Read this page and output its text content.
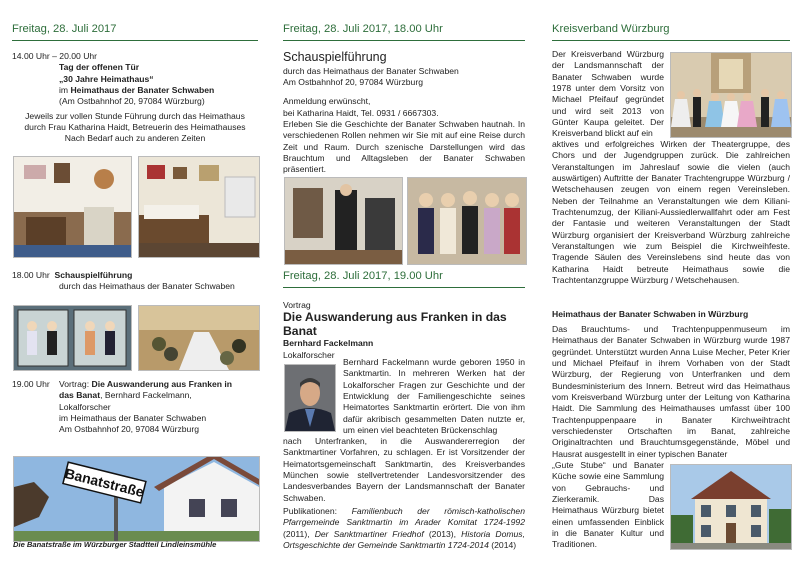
Freitag, 28. Juli 2017
14.00 Uhr – 20.00 Uhr
Tag der offenen Tür
„30 Jahre Heimathaus“
im Heimathaus der Banater Schwaben
(Am Ostbahnhof 20, 97084 Würzburg)
Jeweils zur vollen Stunde Führung durch das Heimathaus
durch Frau Katharina Haidt, Betreuerin des Heimathauses
Nach Bedarf auch zu anderen Zeiten
18.00 Uhr Schauspielführung
durch das Heimathaus der Banater Schwaben
19.00 Uhr	Vortrag: Die Auswanderung aus Franken in
das Banat, Bernhard Fackelmann,
Lokalforscher
im Heimathaus der Banater Schwaben
Am Ostbahnhof 20, 97084 Würzburg
Banatstraße
Die Banatstraße im Würzburger Stadtteil Lindleinsmühle
Freitag, 28. Juli 2017, 18.00 Uhr
Schauspielführung
durch das Heimathaus der Banater Schwaben
Am Ostbahnhof 20, 97084 Würzburg
Anmeldung erwünscht,
bei Katharina Haidt, Tel. 0931 / 6667303.
Erleben Sie die Geschichte der Banater Schwaben hautnah. In verschiedenen Rollen nehmen wir Sie mit auf eine Reise durch Zeit und Raum. Durch szenische Darstellungen wird das Brauchtum und Alltagsleben der Banater Schwaben präsentiert.
Freitag, 28. Juli 2017, 19.00 Uhr
Vortrag
Die Auswanderung aus Franken in das Banat
Bernhard Fackelmann
Lokalforscher
Bernhard Fackelmann wurde geboren 1950 in Sanktmartin. In mehreren Werken hat der Lokalforscher Fragen zur Geschichte und der Entwicklung der Familiengeschichte seines Heimatortes Sanktmartin erörtert. Die von ihm dafür akribisch gesammelten Daten nutzte er, um einen viel beachteten Brückenschlag
nach Unterfranken, in die Auswandererregion der Sanktmartiner Vorfahren, zu schlagen. Er ist Vorsitzender der Heimatortsgemeinschaft Sanktmartin, des Kreisverbandes München sowie stellvertretender Landesvorsitzender des Landesverbandes Bayern der Landsmannschaft der Banater Schwaben.
Publikationen: Familienbuch der römisch-katholischen Pfarrgemeinde Sanktmartin im Arader Komitat 1724-1992 (2011), Der Sanktmartiner Friedhof (2013), Historia Domus, Ortsgeschichte der Gemeinde Sanktmartin 1724-2014 (2014)
Kreisverband Würzburg
Der Kreisverband Würzburg der Landsmannschaft der Banater Schwaben wurde 1978 unter dem Vorsitz von Michael Pfeifauf gegründet und wird seit 2013 von Günter Kaupa geleitet. Der Kreisverband blickt auf ein
aktives und erfolgreiches Wirken der Theatergruppe, des Chors und der Jugendgruppen zurück. Die zahlreichen Veranstaltungen im Jahreslauf sowie die vielen (auch auswärtigen) Auftritte der Banater Trachtengruppe Würzburg / Wetschehausen zeugen von einem regen Vereinsleben. Neben der Teilnahme an Veranstaltungen wie dem Kiliani-Trachtenumzug, der Kiliani-Aussiedlerwallfahrt oder am Fest der Fantasie und weiteren Veranstaltungen der Stadt Würzburg organisiert der Kreisverband Würzburg zahlreiche Veranstaltungen wie zum Beispiel die Kirchweihfeste. Tragende Säulen des Vereinslebens sind heute das von Katharina Haidt betreute Heimathaus sowie die Trachtentanzgruppe Würzburg / Wetschehausen.
Heimathaus der Banater Schwaben in Würzburg
Das Brauchtums- und Trachtenpuppenmuseum im Heimathaus der Banater Schwaben in Würzburg wurde 1987 gegründet. Unterstützt wurden Anna Luise Mecher, Peter Krier und Michael Pfeifauf in ihrem Vorhaben von der Stadt Würzburg, der Regierung von Unterfranken und dem Bundesministerium des Innern. Betreut wird das Heimathaus vom Kreisverband Würzburg unter der Leitung von Katharina Haidt. Die Sammlung des Heimathauses umfasst über 100 Trachtenpuppenpaare in Banater Kirchweihtracht verschiedenster Ortschaften im Banat, zahlreiche Originaltrachten und Brauchtumsgegenstände, Möbel und Hausrat ausgestellt in einer typischen Banater
„Gute Stube“ und Banater Küche sowie eine Sammlung von Gebrauchs- und Zierkeramik. Das Heimathaus Würzburg bietet einen umfassenden Einblick in die Banater Kultur und Traditionen.
